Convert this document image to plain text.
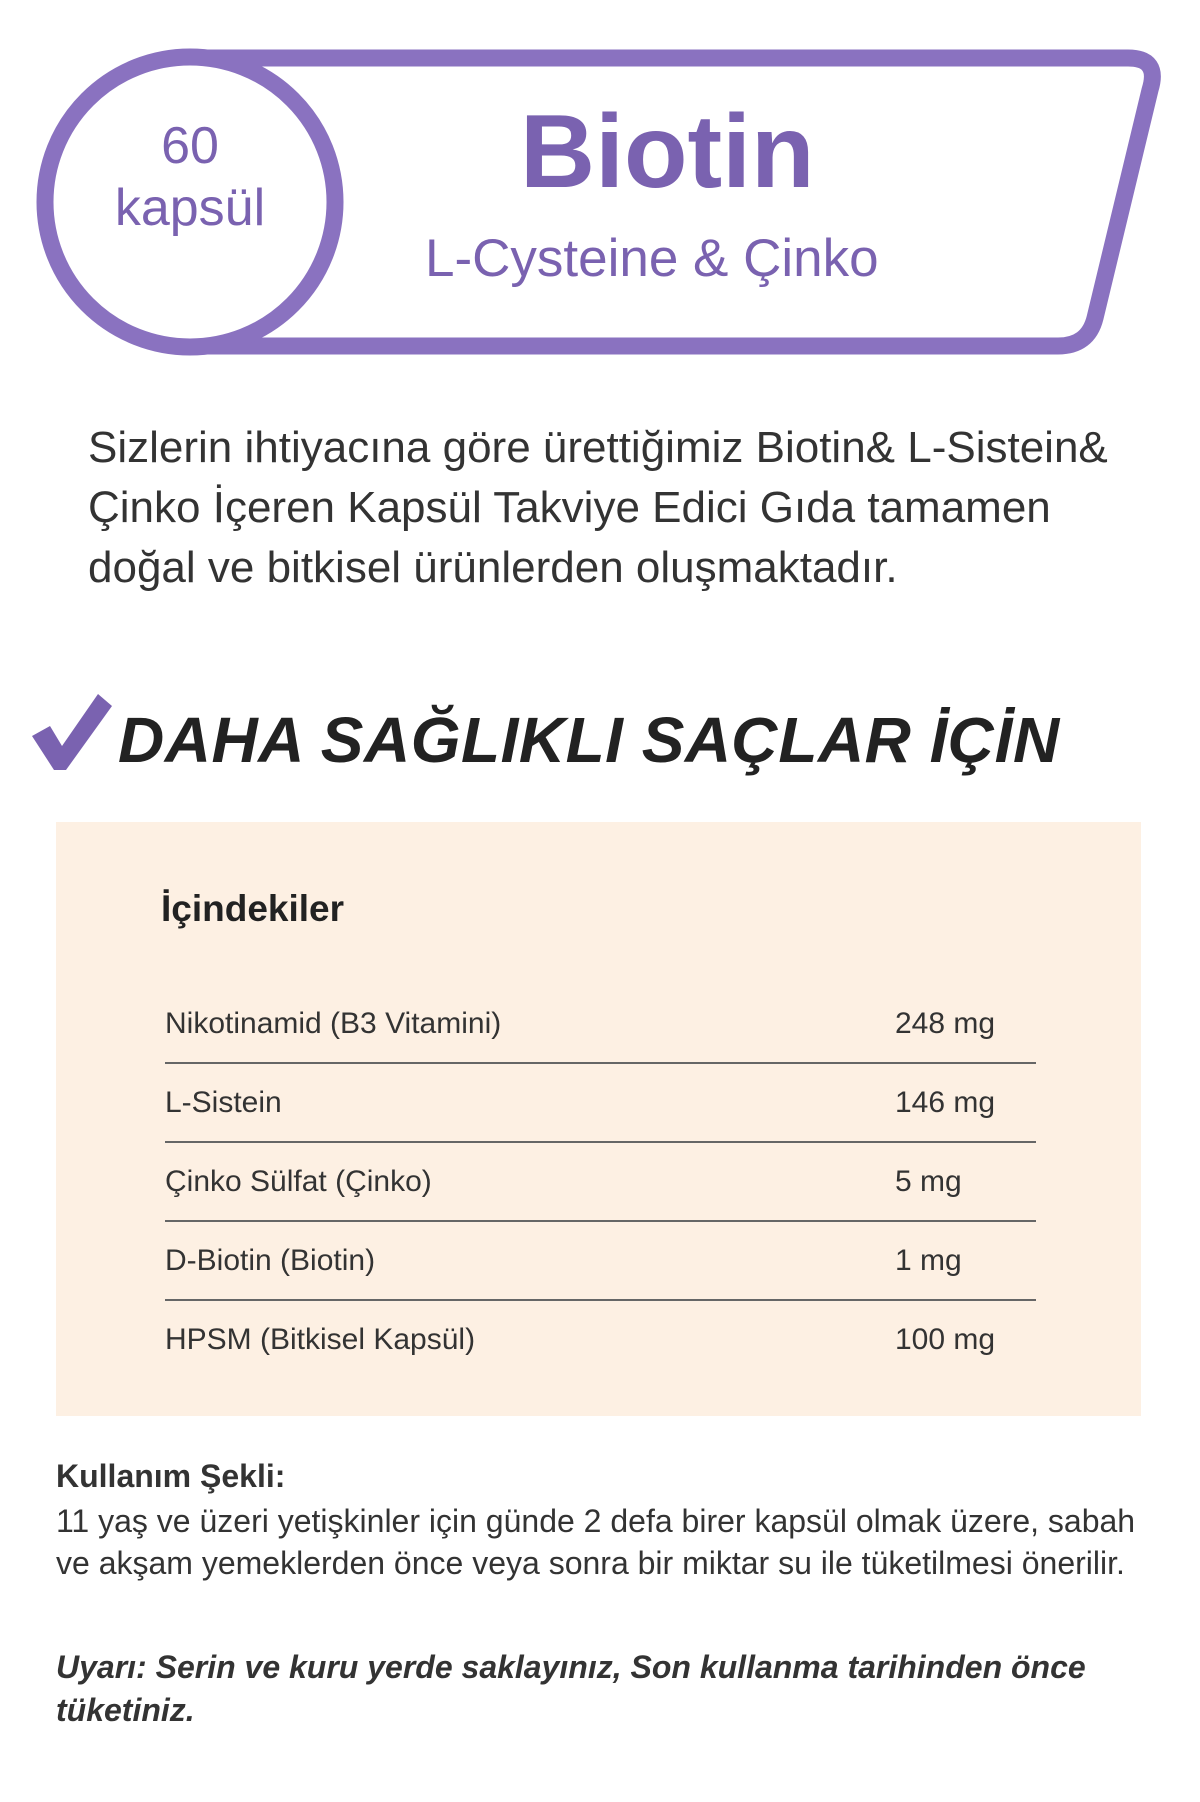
60
kapsül	Biotin
L-Cysteine & Çinko
Sizlerin ihtiyacına göre ürettiğimiz Biotin& L-Sistein& Çinko İçeren Kapsül Takviye Edici Gıda tamamen doğal ve bitkisel ürünlerden oluşmaktadır.
DAHA SAĞLIKLI SAÇLAR İÇİN
İçindekiler
Nikotinamid (B3 Vitamini)	248 mg
L-Sistein	146 mg
Çinko Sülfat (Çinko)	5 mg
D-Biotin (Biotin)	1 mg
HPSM (Bitkisel Kapsül)	100 mg
Kullanım Şekli:
11 yaş ve üzeri yetişkinler için günde 2 defa birer kapsül olmak üzere, sabah ve akşam yemeklerden önce veya sonra bir miktar su ile tüketilmesi önerilir.
Uyarı: Serin ve kuru yerde saklayınız, Son kullanma tarihinden önce tüketiniz.
